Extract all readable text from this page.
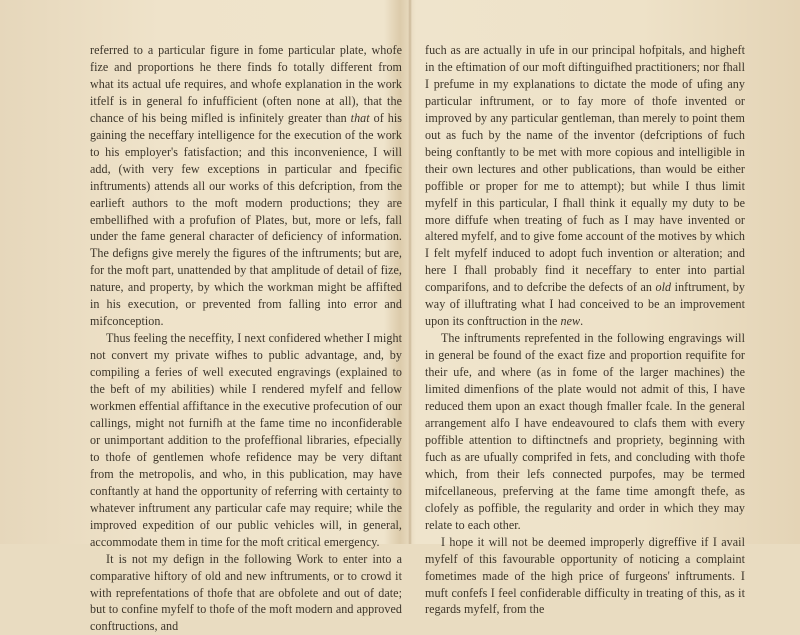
referred to a particular figure in fome particular plate, whofe fize and proportions he there finds fo totally different from what its actual ufe requires, and whofe explanation in the work itfelf is in general fo infufficient (often none at all), that the chance of his being mifled is infinitely greater than that of his gaining the neceffary intelligence for the execution of the work to his employer's fatisfaction; and this inconvenience, I will add, (with very few exceptions in particular and fpecific inftruments) attends all our works of this defcription, from the earlieft authors to the moft modern productions; they are embellifhed with a profufion of Plates, but, more or lefs, fall under the fame general character of deficiency of information. The defigns give merely the figures of the inftruments; but are, for the moft part, unattended by that amplitude of detail of fize, nature, and property, by which the workman might be affifted in his execution, or prevented from falling into error and mifconception.

Thus feeling the neceffity, I next confidered whether I might not convert my private wifhes to public advantage, and, by compiling a feries of well executed engravings (explained to the beft of my abilities) while I rendered myfelf and fellow workmen effential affiftance in the executive profecution of our callings, might not furnifh at the fame time no inconfiderable or unimportant addition to the profeffional libraries, efpecially to thofe of gentlemen whofe refidence may be very diftant from the metropolis, and who, in this publication, may have conftantly at hand the opportunity of referring with certainty to whatever inftrument any particular cafe may require; while the improved expedition of our public vehicles will, in general, accommodate them in time for the moft critical emergency.

It is not my defign in the following Work to enter into a comparative hiftory of old and new inftruments, or to crowd it with reprefentations of thofe that are obfolete and out of date; but to confine myfelf to thofe of the moft modern and approved conftructions, and

fuch as are actually in ufe in our principal hofpitals, and higheft in the eftimation of our moft diftinguifhed practitioners; nor fhall I prefume in my explanations to dictate the mode of ufing any particular inftrument, or to fay more of thofe invented or improved by any particular gentleman, than merely to point them out as fuch by the name of the inventor (defcriptions of fuch being conftantly to be met with more copious and intelligible in their own lectures and other publications, than would be either poffible or proper for me to attempt); but while I thus limit myfelf in this particular, I fhall think it equally my duty to be more diffufe when treating of fuch as I may have invented or altered myfelf, and to give fome account of the motives by which I felt myfelf induced to adopt fuch invention or alteration; and here I fhall probably find it neceffary to enter into partial comparifons, and to defcribe the defects of an old inftrument, by way of illuftrating what I had conceived to be an improvement upon its conftruction in the new.

The inftruments reprefented in the following engravings will in general be found of the exact fize and proportion requifite for their ufe, and where (as in fome of the larger machines) the limited dimenfions of the plate would not admit of this, I have reduced them upon an exact though fmaller fcale. In the general arrangement alfo I have endeavoured to clafs them with every poffible attention to diftinctnefs and propriety, beginning with fuch as are ufually comprifed in fets, and concluding with thofe which, from their lefs connected purpofes, may be termed mifcellaneous, preferving at the fame time amongft thefe, as clofely as poffible, the regularity and order in which they may relate to each other.

I hope it will not be deemed improperly digreffive if I avail myfelf of this favourable opportunity of noticing a complaint fometimes made of the high price of furgeons' inftruments. I muft confefs I feel confiderable difficulty in treating of this, as it regards myfelf, from the
